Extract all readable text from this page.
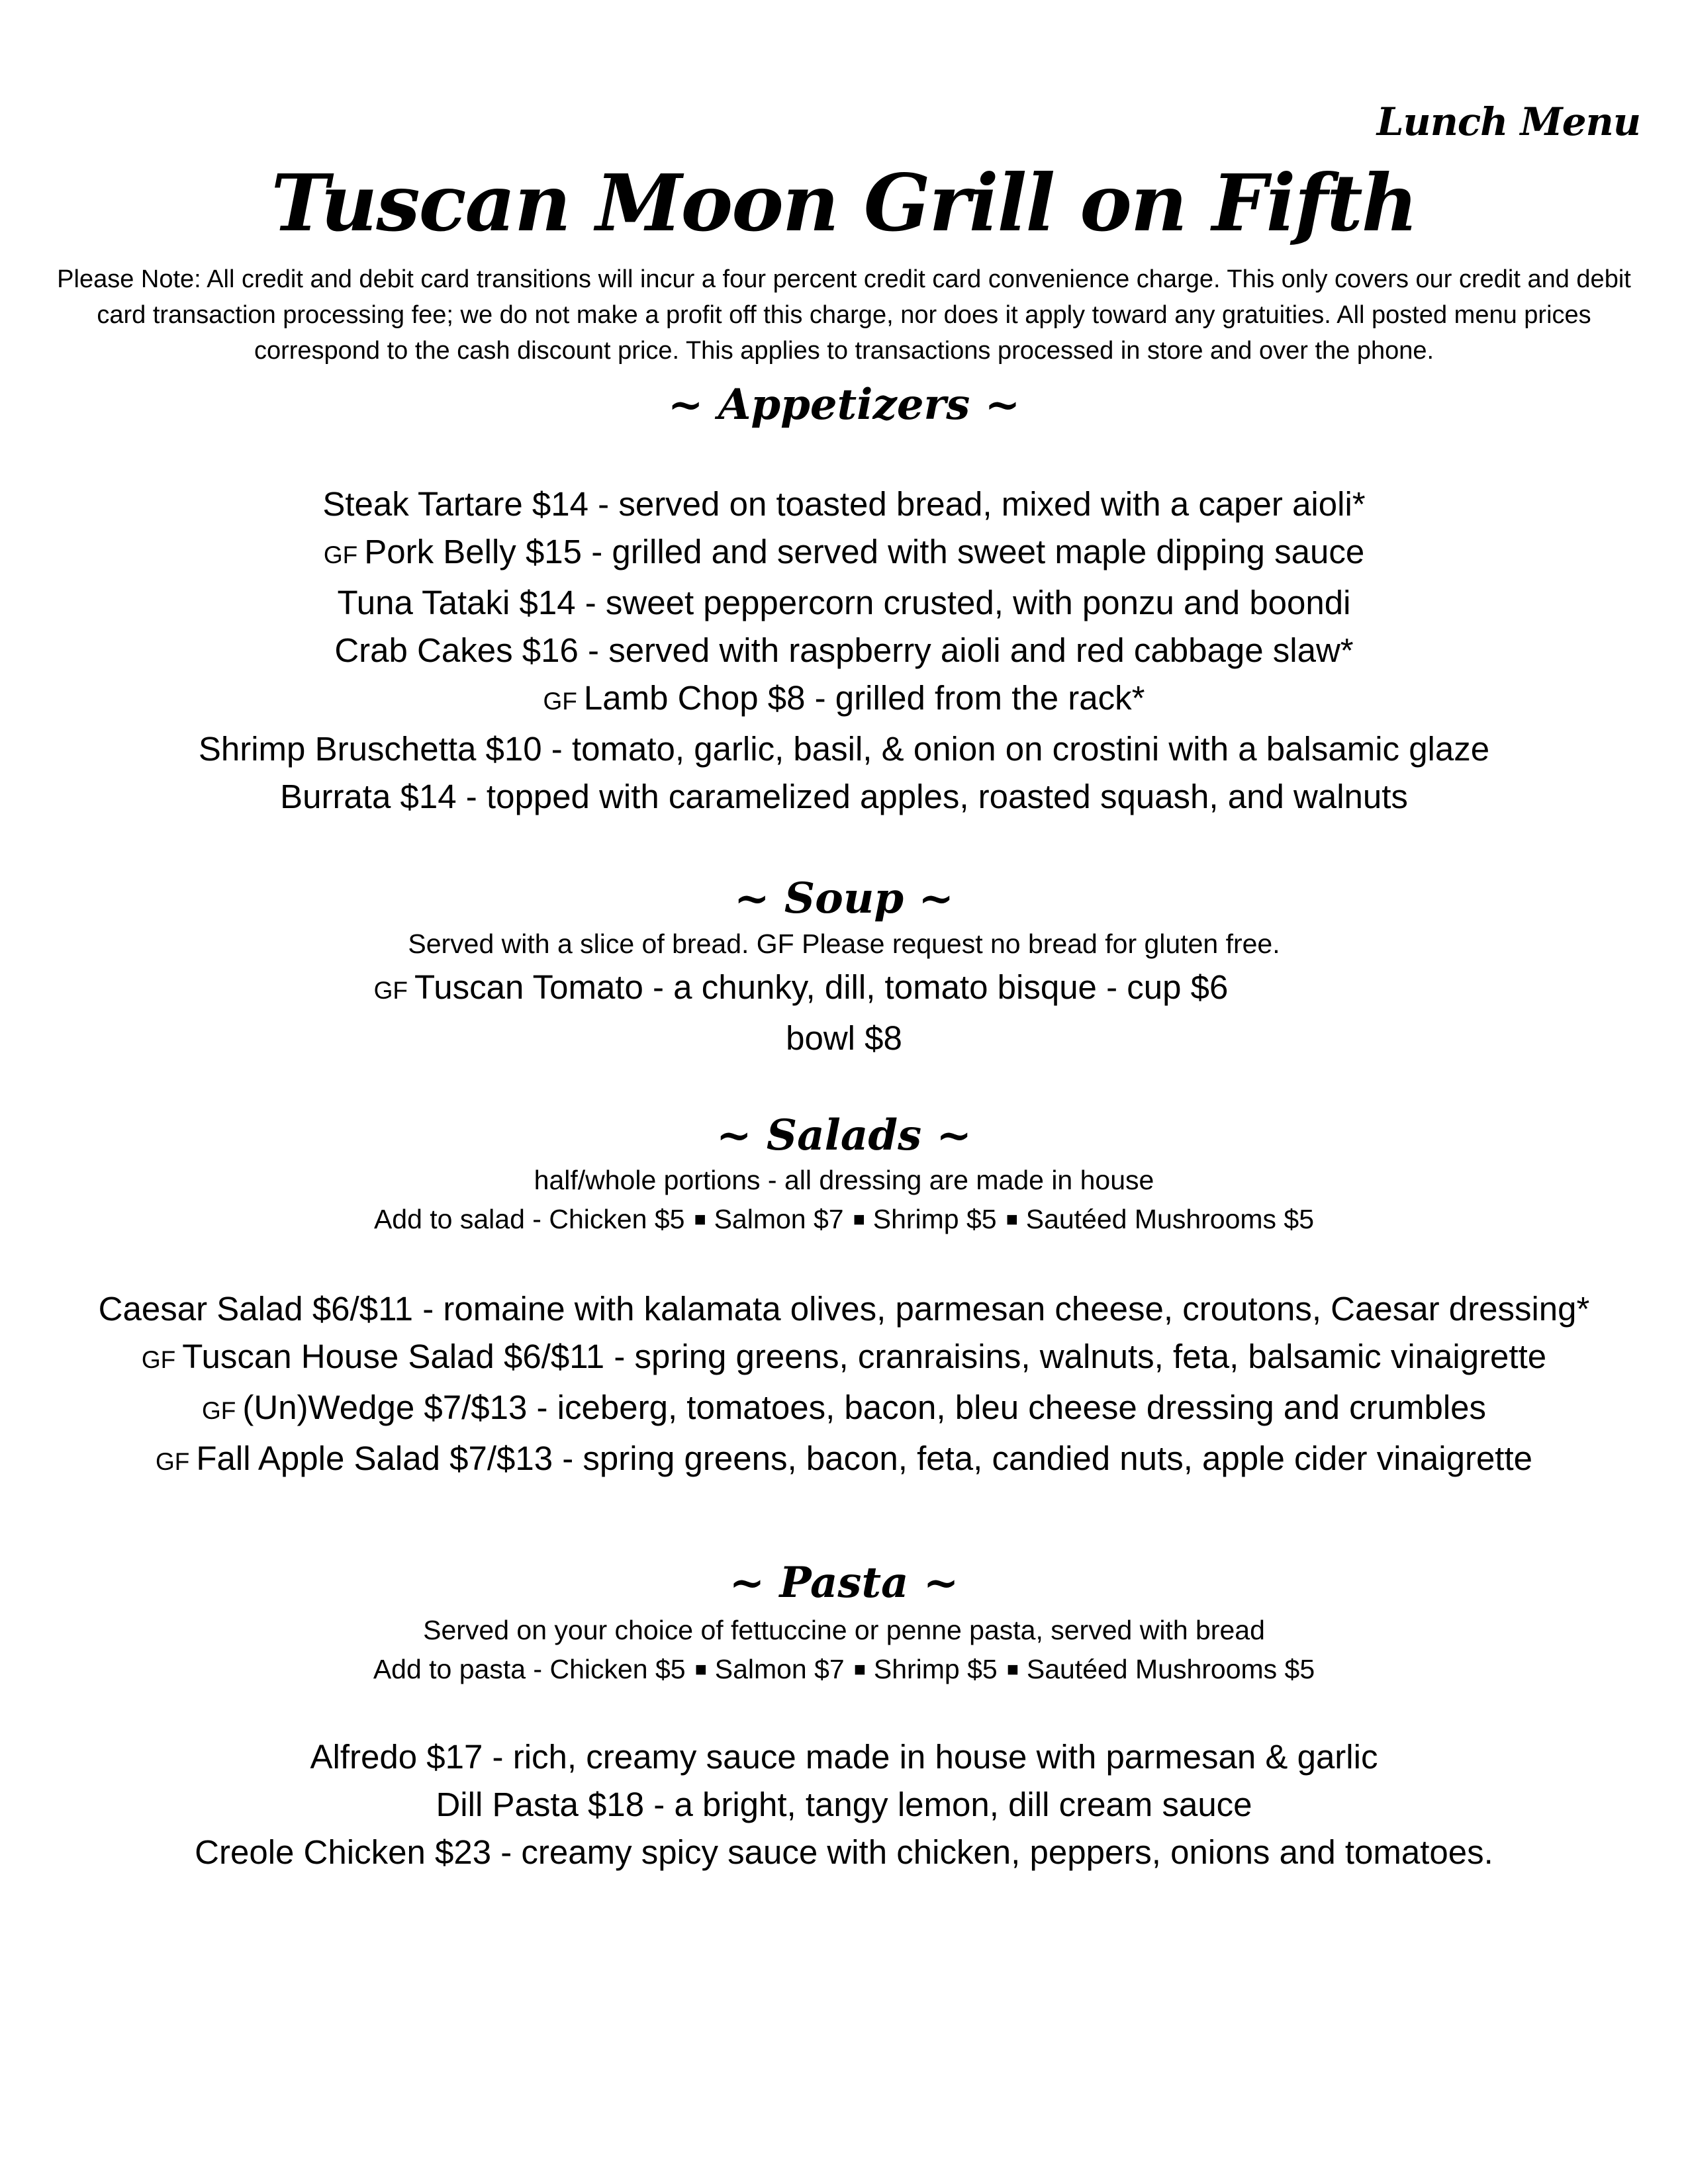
Lunch Menu
Tuscan Moon Grill on Fifth
Please Note: All credit and debit card transitions will incur a four percent credit card convenience charge. This only covers our credit and debit card transaction processing fee; we do not make a profit off this charge, nor does it apply toward any gratuities. All posted menu prices correspond to the cash discount price. This applies to transactions processed in store and over the phone.
~ Appetizers ~
Steak Tartare $14 - served on toasted bread, mixed with a caper aioli*
GF Pork Belly $15 - grilled and served with sweet maple dipping sauce
Tuna Tataki $14 - sweet peppercorn crusted, with ponzu and boondi
Crab Cakes $16 - served with raspberry aioli and red cabbage slaw*
GF Lamb Chop $8 - grilled from the rack*
Shrimp Bruschetta $10 - tomato, garlic, basil, & onion on crostini with a balsamic glaze
Burrata $14 - topped with caramelized apples, roasted squash, and walnuts
~ Soup ~
Served with a slice of bread. GF Please request no bread for gluten free.
GF Tuscan Tomato - a chunky, dill, tomato bisque - cup $6
bowl $8
~ Salads ~
half/whole portions - all dressing are made in house
Add to salad - Chicken $5 ■ Salmon $7 ■ Shrimp $5 ■ Sautéed Mushrooms $5
Caesar Salad $6/$11 - romaine with kalamata olives, parmesan cheese, croutons, Caesar dressing*
GF Tuscan House Salad $6/$11 - spring greens, cranraisins, walnuts, feta, balsamic vinaigrette
GF (Un)Wedge $7/$13 - iceberg, tomatoes, bacon, bleu cheese dressing and crumbles
GF Fall Apple Salad $7/$13 - spring greens, bacon, feta, candied nuts, apple cider vinaigrette
~ Pasta ~
Served on your choice of fettuccine or penne pasta, served with bread
Add to pasta - Chicken $5 ■ Salmon $7 ■ Shrimp $5 ■ Sautéed Mushrooms $5
Alfredo $17 - rich, creamy sauce made in house with parmesan & garlic
Dill Pasta $18 - a bright, tangy lemon, dill cream sauce
Creole Chicken $23 - creamy spicy sauce with chicken, peppers, onions and tomatoes.
